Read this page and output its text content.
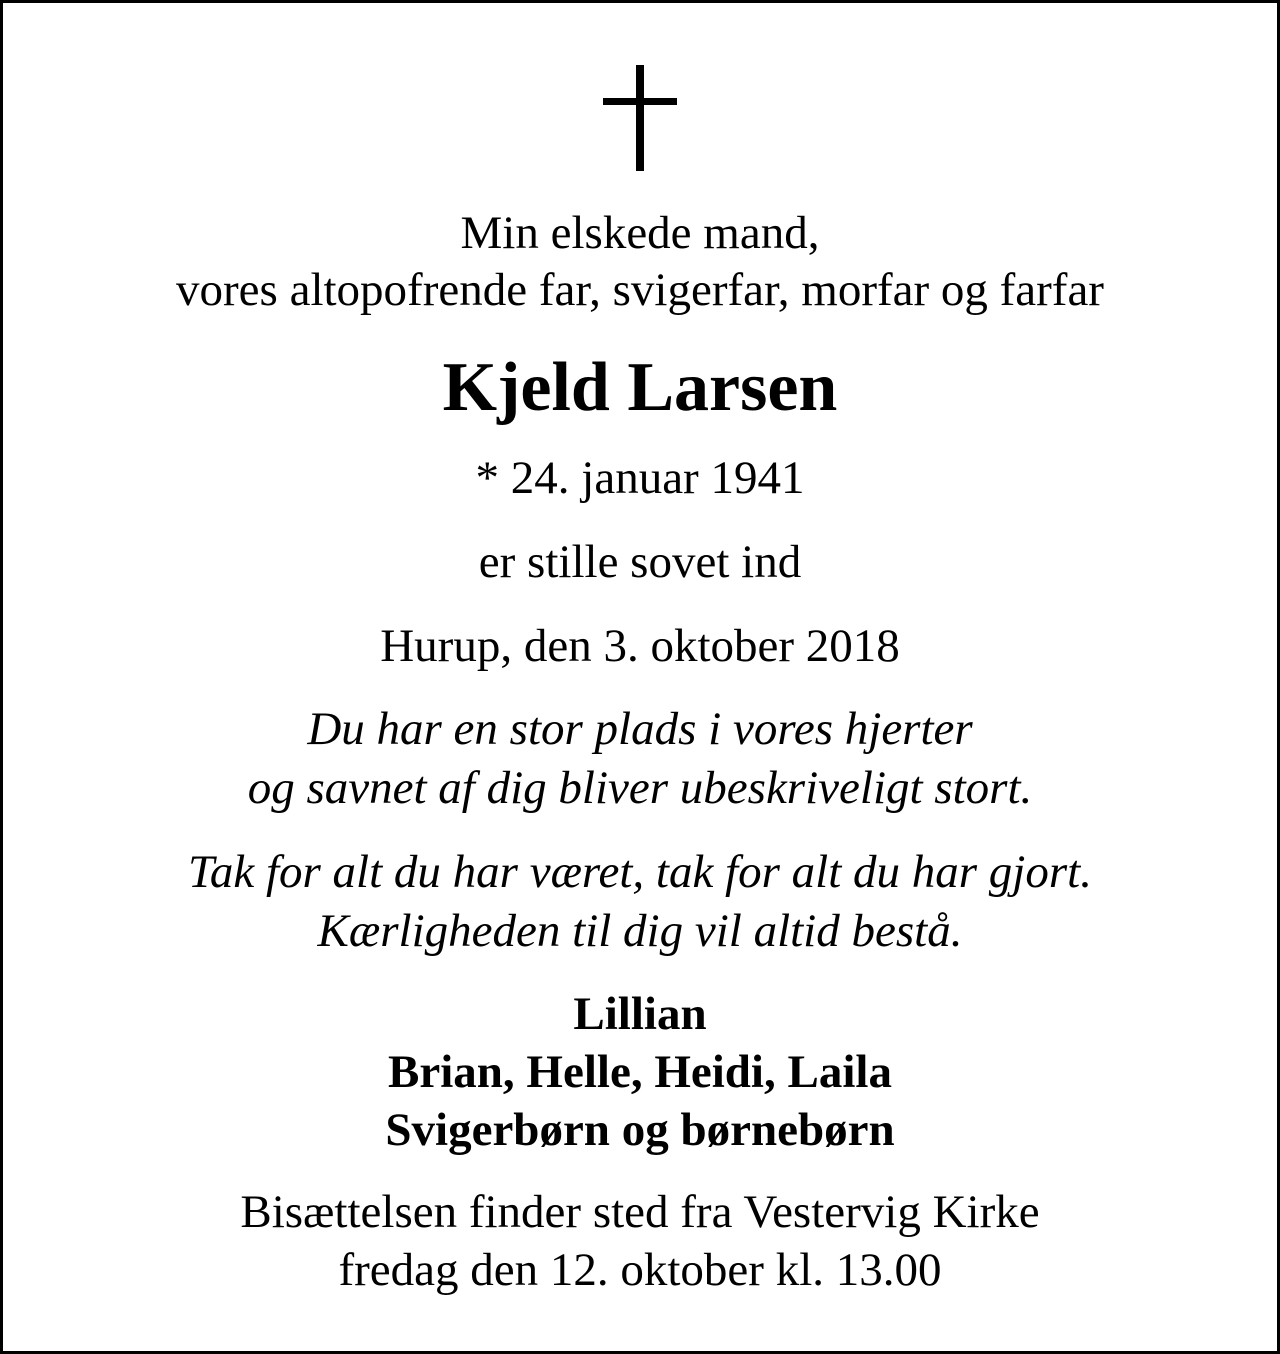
Min elskede mand,
vores altopofrende far, svigerfar, morfar og farfar
Kjeld Larsen
* 24. januar 1941
er stille sovet ind
Hurup, den 3. oktober 2018
Du har en stor plads i vores hjerter
og savnet af dig bliver ubeskriveligt stort.
Tak for alt du har været, tak for alt du har gjort.
Kærligheden til dig vil altid bestå.
Lillian
Brian, Helle, Heidi, Laila
Svigerbørn og børnebørn
Bisættelsen finder sted fra Vestervig Kirke
fredag den 12. oktober kl. 13.00
